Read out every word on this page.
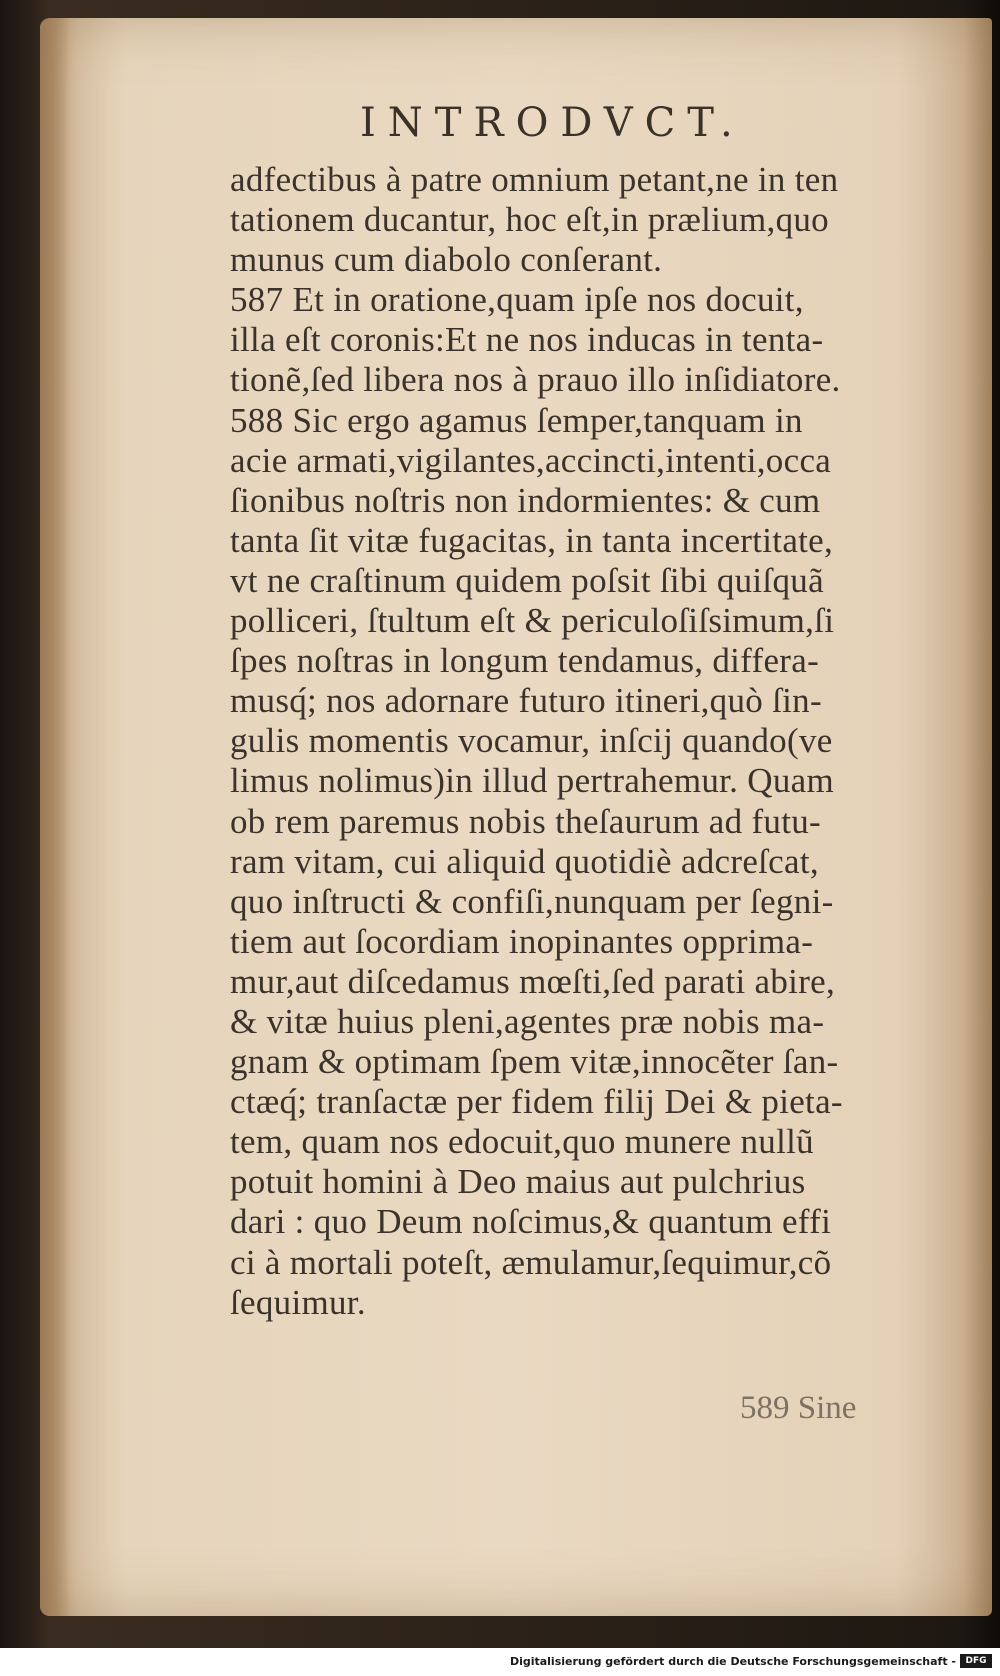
INTRODVCT.
adfectibus à patre omnium petant,ne in ten
tationem ducantur, hoc eſt,in prælium,quo
munus cum diabolo conſerant.
587 Et in oratione,quam ipſe nos docuit,
illa eſt coronis:Et ne nos inducas in tenta-
tionẽ,ſed libera nos à prauo illo inſidiatore.
588 Sic ergo agamus ſemper,tanquam in
acie armati,vigilantes,accincti,intenti,occa
ſionibus noſtris non indormientes: & cum
tanta ſit vitæ fugacitas, in tanta incertitate,
vt ne craſtinum quidem poſsit ſibi quiſquã
polliceri, ſtultum eſt & periculoſiſsimum,ſi
ſpes noſtras in longum tendamus, differa-
musq́; nos adornare futuro itineri,quò ſin-
gulis momentis vocamur, inſcij quando(ve
limus nolimus)in illud pertrahemur. Quam
ob rem paremus nobis theſaurum ad futu-
ram vitam, cui aliquid quotidiè adcreſcat,
quo inſtructi & confiſi,nunquam per ſegni-
tiem aut ſocordiam inopinantes opprima-
mur,aut diſcedamus mœſti,ſed parati abire,
& vitæ huius pleni,agentes præ nobis ma-
gnam & optimam ſpem vitæ,innocẽter ſan-
ctæq́; tranſactæ per fidem filij Dei & pieta-
tem, quam nos edocuit,quo munere nullũ
potuit homini à Deo maius aut pulchrius
dari : quo Deum noſcimus,& quantum effi
ci à mortali poteſt, æmulamur,ſequimur,cõ
ſequimur.
589 Sine
Digitalisierung gefördert durch die Deutsche Forschungsgemeinschaft -	DFG
